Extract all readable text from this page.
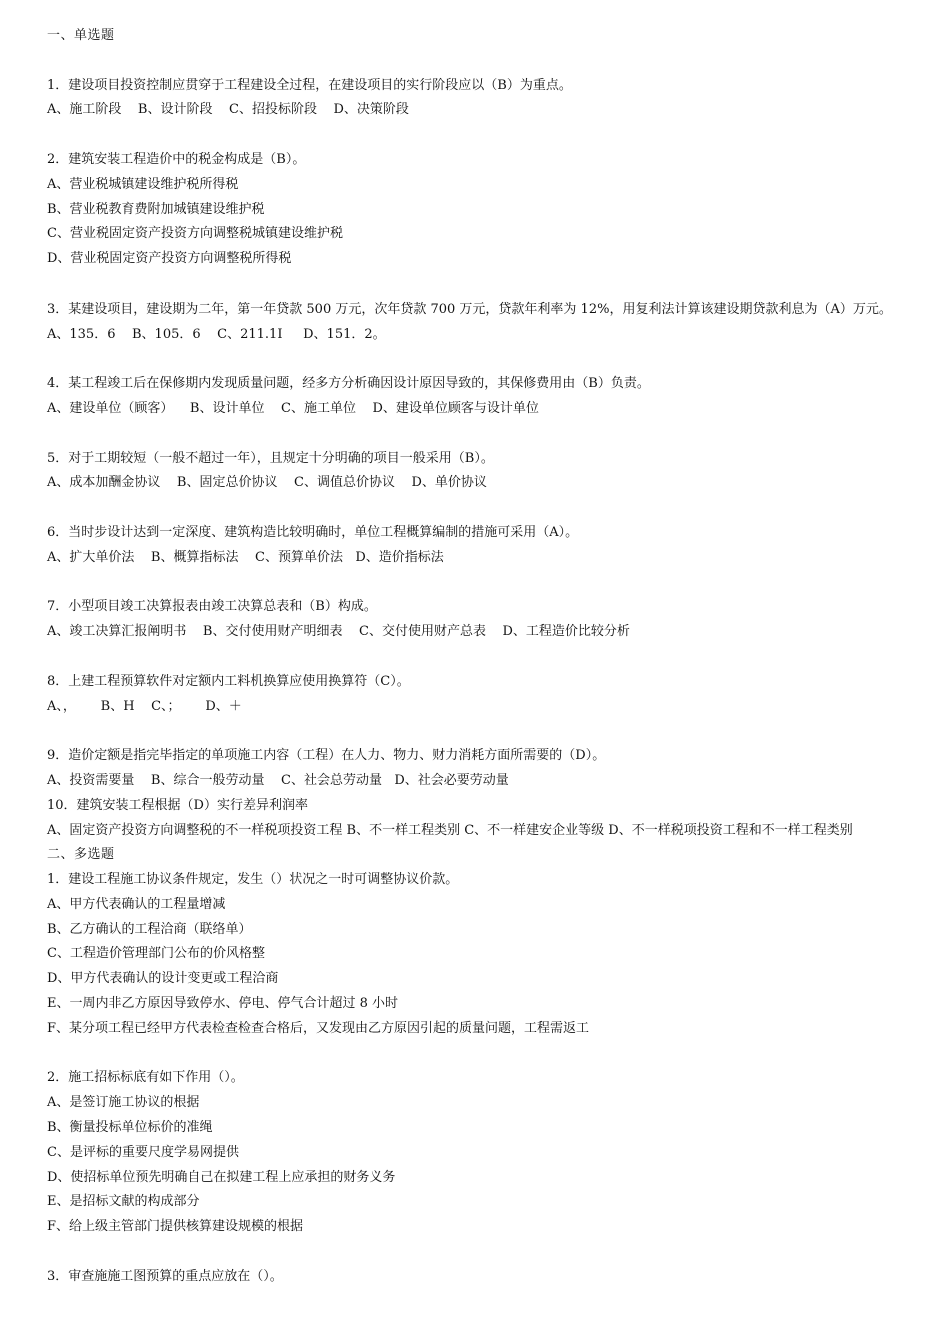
一、单选题
1．建设项目投资控制应贯穿于工程建设全过程，在建设项目的实行阶段应以（B）为重点。
A、施工阶段    B、设计阶段    C、招投标阶段    D、决策阶段
2．建筑安装工程造价中的税金构成是（B）。
A、营业税城镇建设维护税所得税
B、营业税教育费附加城镇建设维护税
C、营业税固定资产投资方向调整税城镇建设维护税
D、营业税固定资产投资方向调整税所得税
3．某建设项目，建设期为二年，第一年贷款 500 万元，次年贷款 700 万元，贷款年利率为 12%，用复利法计算该建设期贷款利息为（A）万元。
A、135．6    B、105．6    C、211.1I     D、151．2。
4．某工程竣工后在保修期内发现质量问题，经多方分析确因设计原因导致的，其保修费用由（B）负责。
A、建设单位（顾客）    B、设计单位    C、施工单位    D、建设单位顾客与设计单位
5．对于工期较短（一般不超过一年），且规定十分明确的项目一般采用（B）。
A、成本加酬金协议    B、固定总价协议    C、调值总价协议    D、单价协议
6．当时步设计达到一定深度、建筑构造比较明确时，单位工程概算编制的措施可采用（A）。
A、扩大单价法    B、概算指标法    C、预算单价法   D、造价指标法
7．小型项目竣工决算报表由竣工决算总表和（B）构成。
A、竣工决算汇报阐明书    B、交付使用财产明细表    C、交付使用财产总表    D、工程造价比较分析
8．上建工程预算软件对定额内工料机换算应使用换算符（C）。
A、，      B、H    C、；      D、＋
9．造价定额是指完毕指定的单项施工内容（工程）在人力、物力、财力消耗方面所需要的（D）。
A、投资需要量    B、综合一般劳动量    C、社会总劳动量   D、社会必要劳动量
10．建筑安装工程根据（D）实行差异利润率
A、固定资产投资方向调整税的不一样税项投资工程 B、不一样工程类别 C、不一样建安企业等级 D、不一样税项投资工程和不一样工程类别
二、多选题
1．建设工程施工协议条件规定，发生（）状况之一时可调整协议价款。
A、甲方代表确认的工程量增减
B、乙方确认的工程洽商（联络单）
C、工程造价管理部门公布的价风格整
D、甲方代表确认的设计变更或工程洽商
E、一周内非乙方原因导致停水、停电、停气合计超过 8 小时
F、某分项工程已经甲方代表检查检查合格后，又发现由乙方原因引起的质量问题，工程需返工
2．施工招标标底有如下作用（）。
A、是签订施工协议的根据
B、衡量投标单位标价的准绳
C、是评标的重要尺度学易网提供
D、使招标单位预先明确自己在拟建工程上应承担的财务义务
E、是招标文献的构成部分
F、给上级主管部门提供核算建设规模的根据
3．审查施施工图预算的重点应放在（）。
